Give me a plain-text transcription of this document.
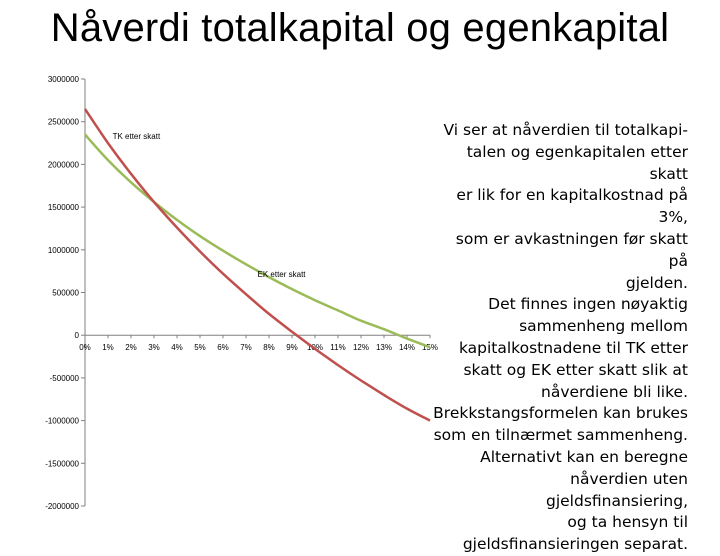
Nåverdi totalkapital og egenkapital
3000000
2500000
2000000
1500000
1000000
500000
0
-500000
-1000000
-1500000
-2000000
0% 1% 2% 3% 4% 5% 6% 7% 8% 9% 10% 11% 12% 13% 14% 15%
TK etter skatt
EK etter skatt

Vi ser at nåverdien til totalkapi-

talen og egenkapitalen etter skatt

er lik for en kapitalkostnad på 3%,

som er avkastningen før skatt på

gjelden.

Det finnes ingen nøyaktig

sammenheng mellom

kapitalkostnadene til TK etter

skatt og EK etter skatt slik at

nåverdiene bli like.

Brekkstangsformelen kan brukes

som en tilnærmet sammenheng.

Alternativt kan en beregne

nåverdien uten gjeldsfinansiering,

og ta hensyn til

gjeldsfinansieringen separat.
